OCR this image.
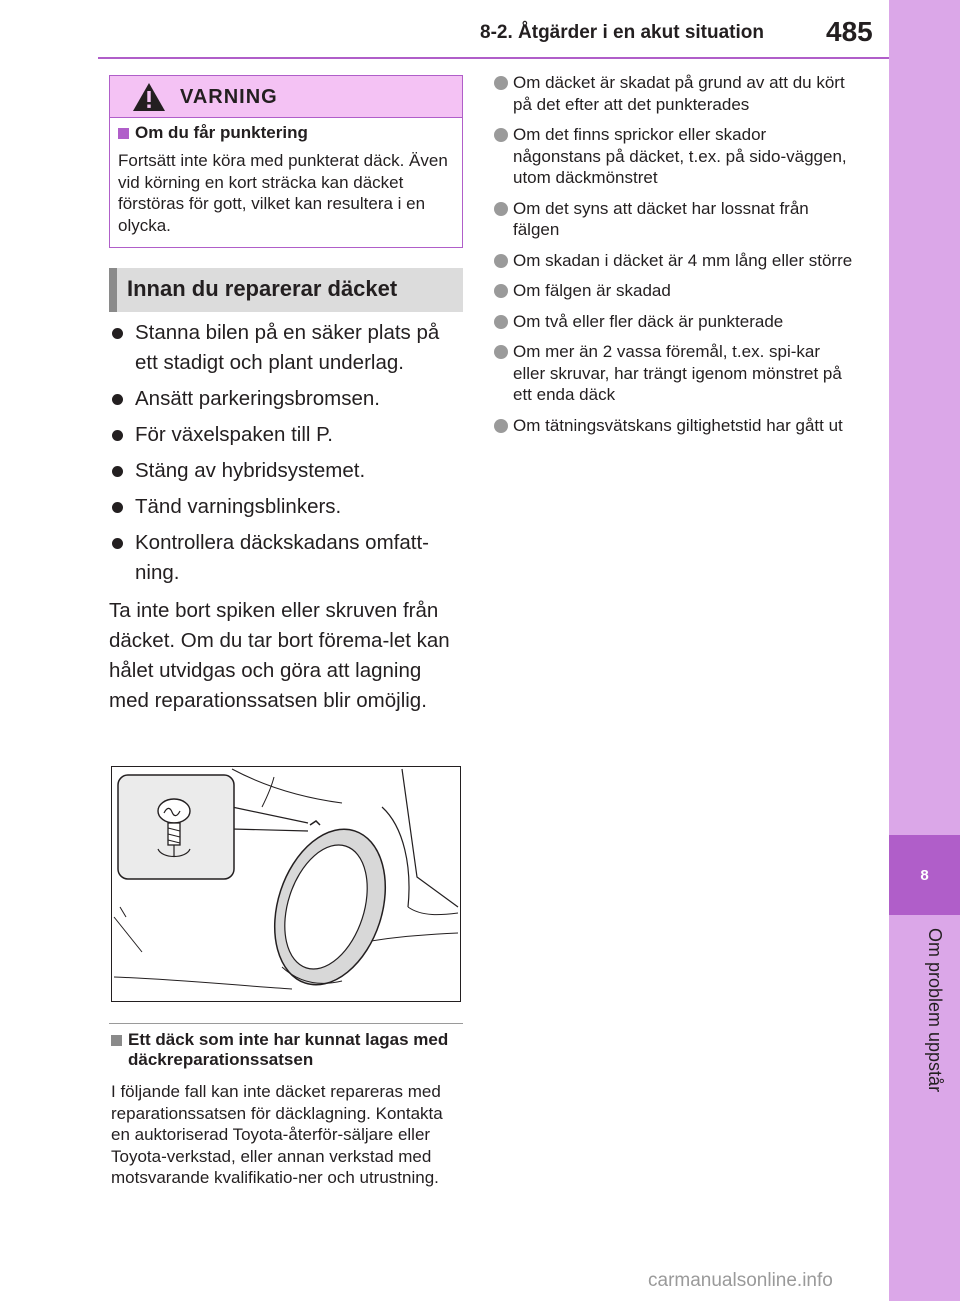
8-2. Åtgärder i en akut situation 485
8
Om problem uppstår
VARNING
Om du får punktering
Fortsätt inte köra med punkterat däck. Även vid körning en kort sträcka kan däcket förstöras för gott, vilket kan resultera i en olycka.
Innan du reparerar däcket
Stanna bilen på en säker plats på ett stadigt och plant underlag.
Ansätt parkeringsbromsen.
För växelspaken till P.
Stäng av hybridsystemet.
Tänd varningsblinkers.
Kontrollera däckskadans omfatt-ning.
Ta inte bort spiken eller skruven från däcket. Om du tar bort förema-let kan hålet utvidgas och göra att lagning med reparationssatsen blir omöjlig.
Ett däck som inte har kunnat lagas med däckreparationssatsen
I följande fall kan inte däcket repareras med reparationssatsen för däcklagning. Kontakta en auktoriserad Toyota-återför-säljare eller Toyota-verkstad, eller annan verkstad med motsvarande kvalifikatio-ner och utrustning.
Om däcket är skadat på grund av att du kört på det efter att det punkterades
Om det finns sprickor eller skador någonstans på däcket, t.ex. på sido-väggen, utom däckmönstret
Om det syns att däcket har lossnat från fälgen
Om skadan i däcket är 4 mm lång eller större
Om fälgen är skadad
Om två eller fler däck är punkterade
Om mer än 2 vassa föremål, t.ex. spi-kar eller skruvar, har trängt igenom mönstret på ett enda däck
Om tätningsvätskans giltighetstid har gått ut
carmanualsonline.info
